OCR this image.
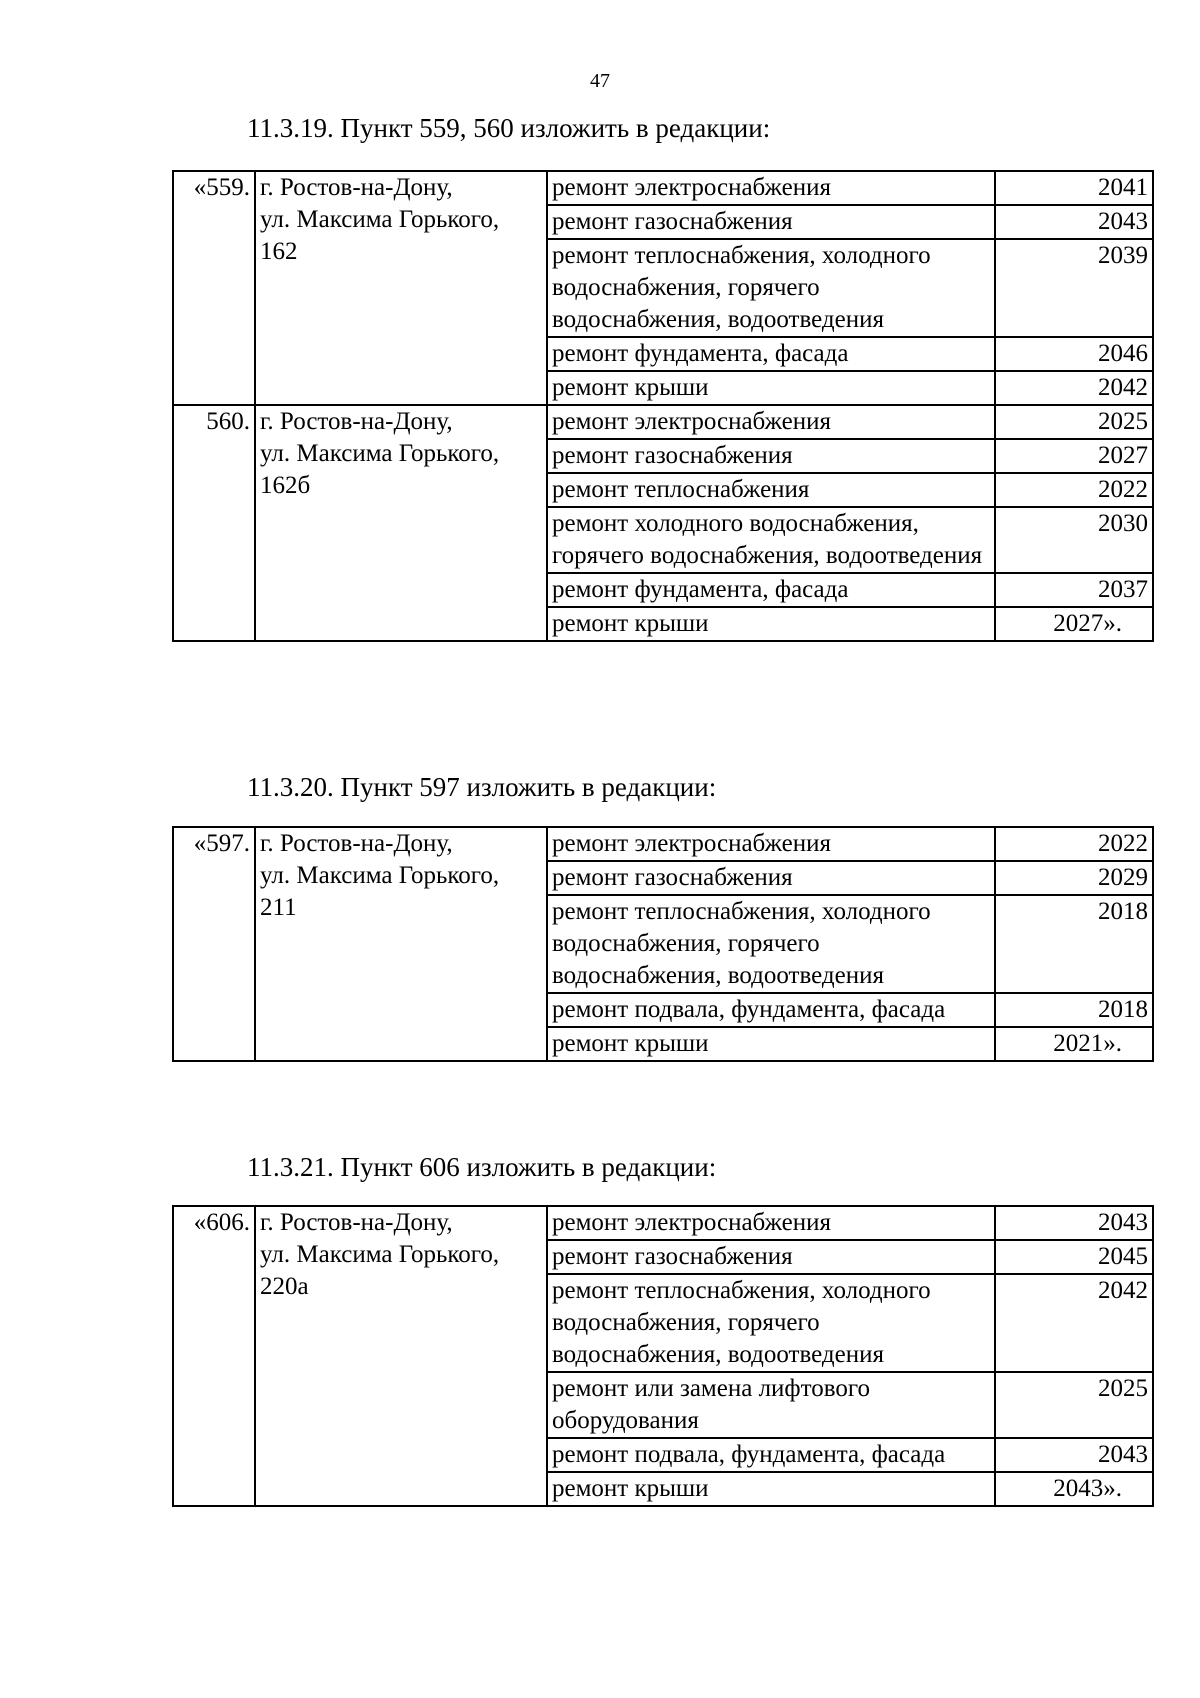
47
11.3.19. Пункт 559, 560 изложить в редакции:
«559.	г. Ростов-на-Дону,
ул. Максима Горького,
162	ремонт электроснабжения	2041
		ремонт газоснабжения	2043
		ремонт теплоснабжения, холодного водоснабжения, горячего водоснабжения, водоотведения	2039
		ремонт фундамента, фасада	2046
		ремонт крыши	2042
560.	г. Ростов-на-Дону,
ул. Максима Горького,
162б	ремонт электроснабжения	2025
		ремонт газоснабжения	2027
		ремонт теплоснабжения	2022
		ремонт холодного водоснабжения, горячего водоснабжения, водоотведения	2030
		ремонт фундамента, фасада	2037
		ремонт крыши	2027».
11.3.20. Пункт 597 изложить в редакции:
«597.	г. Ростов-на-Дону,
ул. Максима Горького,
211	ремонт электроснабжения	2022
		ремонт газоснабжения	2029
		ремонт теплоснабжения, холодного водоснабжения, горячего водоснабжения, водоотведения	2018
		ремонт подвала, фундамента, фасада	2018
		ремонт крыши	2021».
11.3.21. Пункт 606 изложить в редакции:
«606.	г. Ростов-на-Дону,
ул. Максима Горького,
220а	ремонт электроснабжения	2043
		ремонт газоснабжения	2045
		ремонт теплоснабжения, холодного водоснабжения, горячего водоснабжения, водоотведения	2042
		ремонт или замена лифтового оборудования	2025
		ремонт подвала, фундамента, фасада	2043
		ремонт крыши	2043».
